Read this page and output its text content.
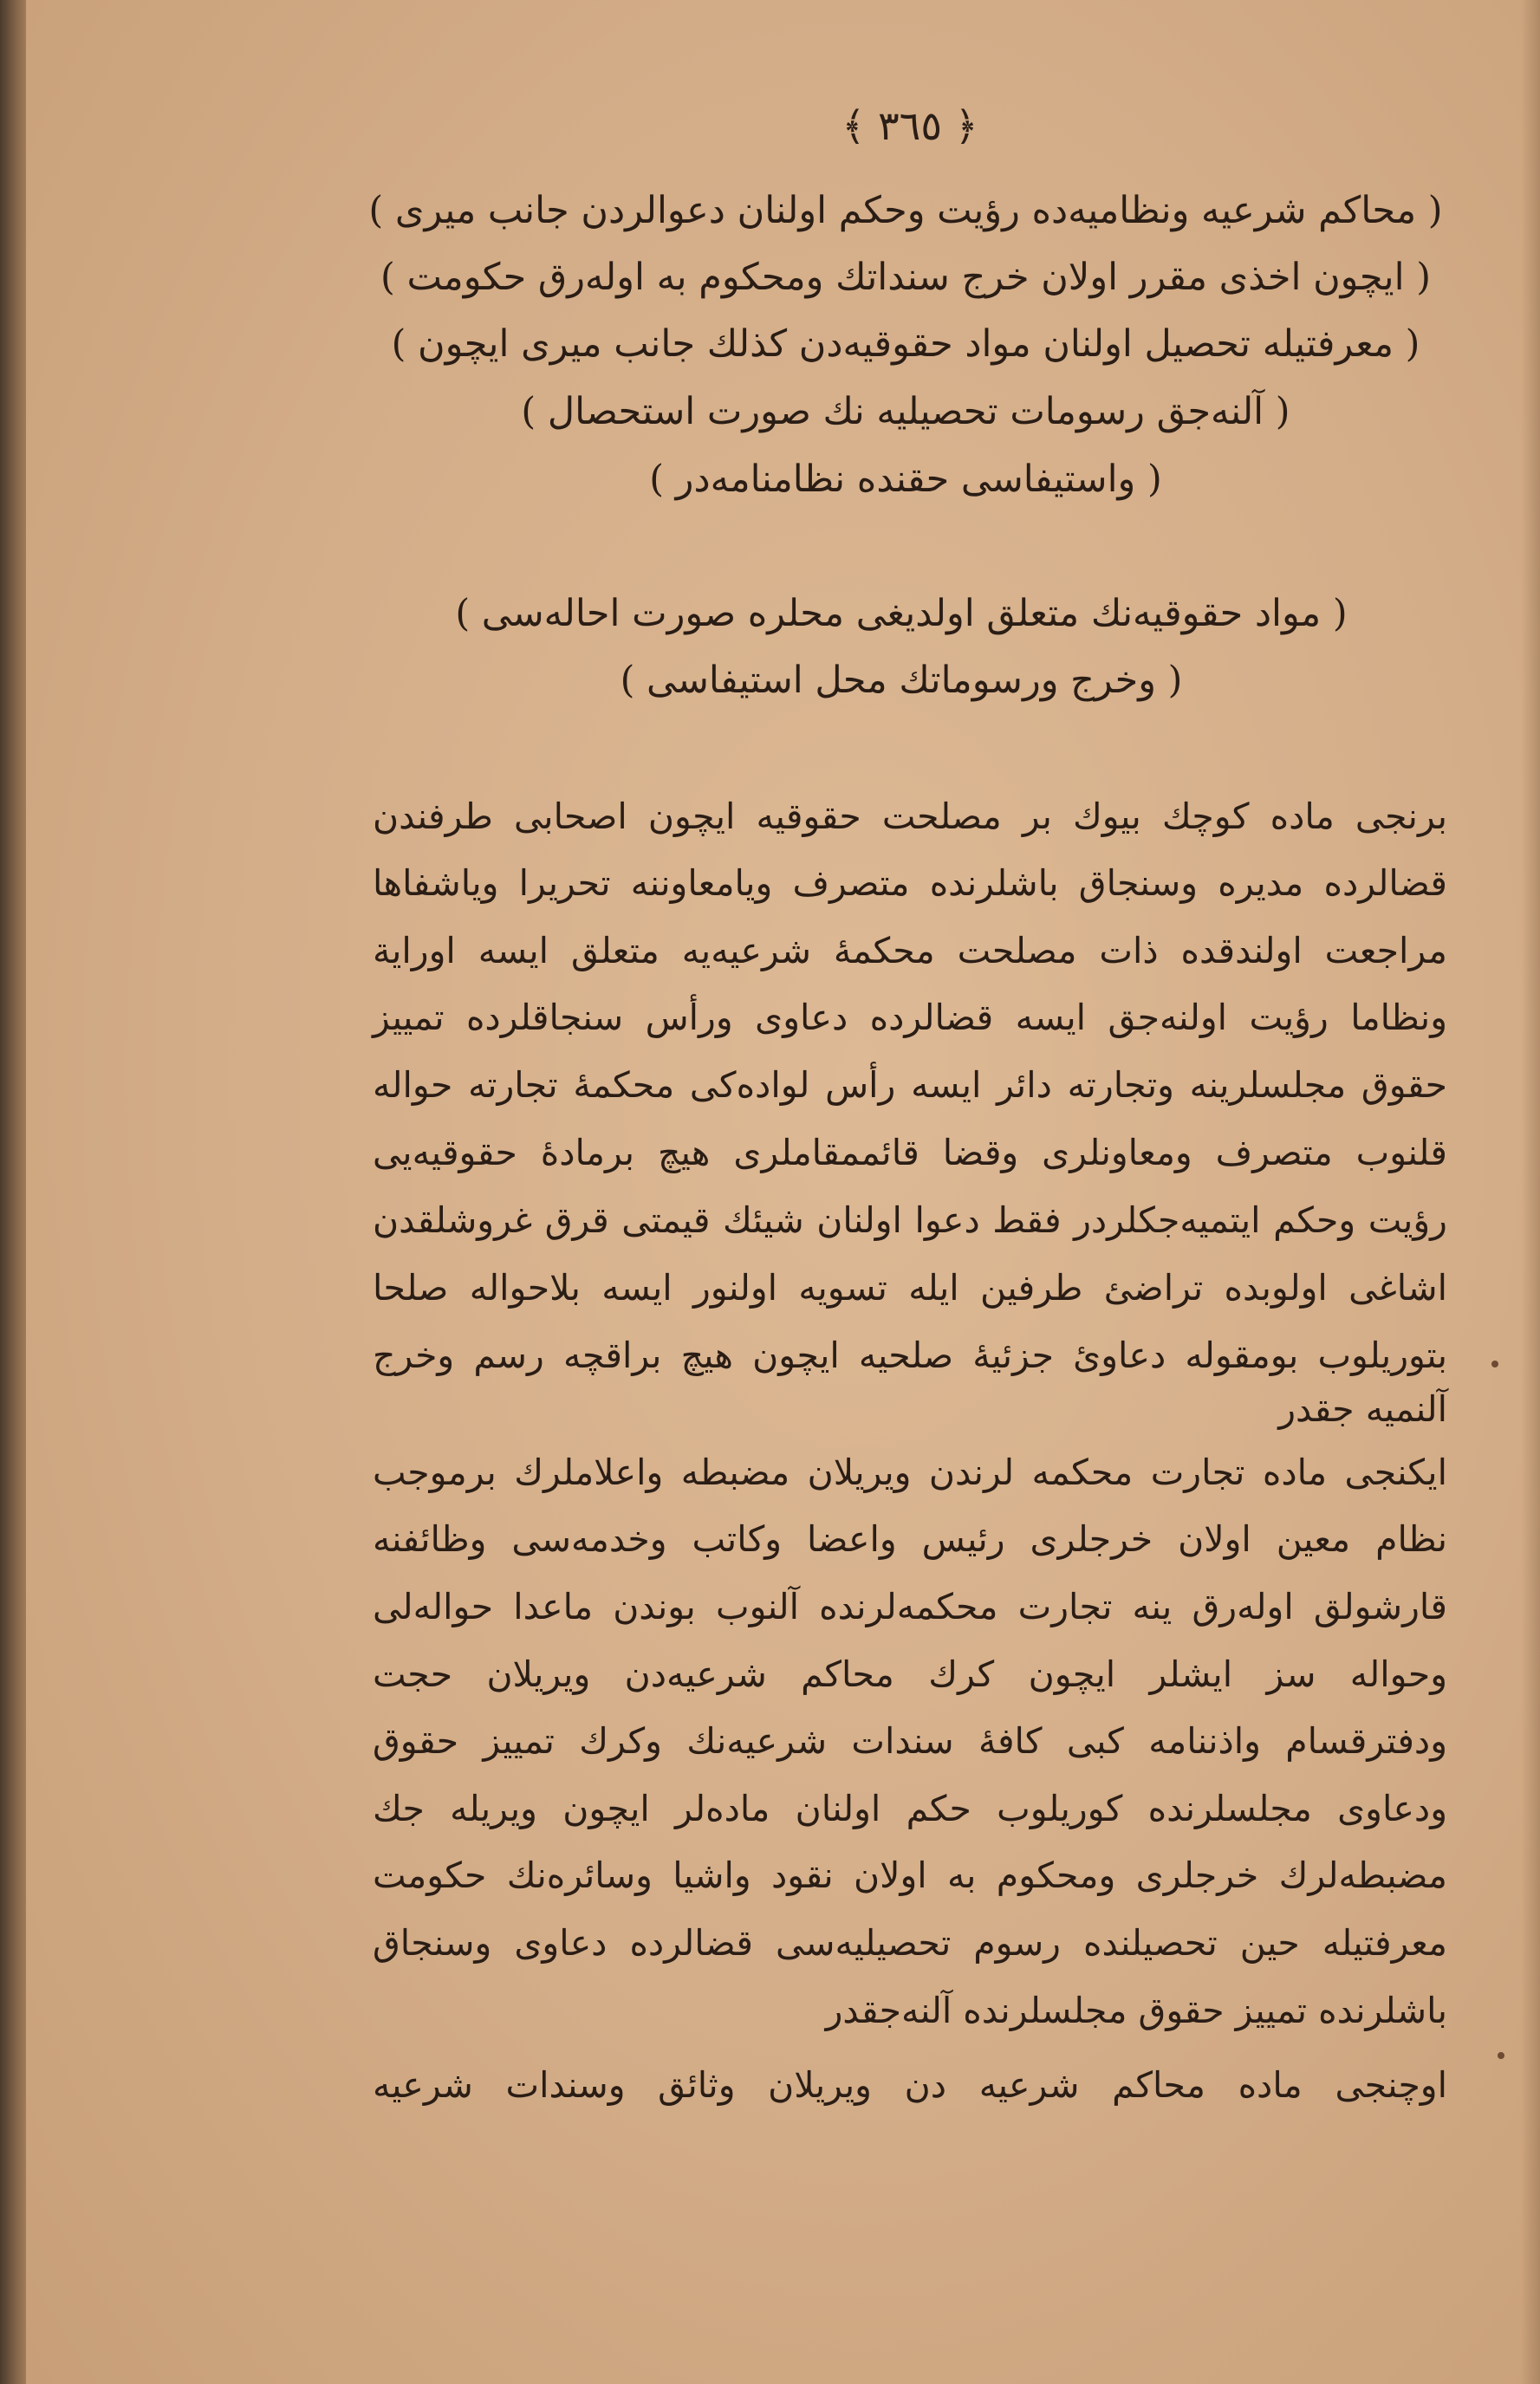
﴿ ٣٦٥ ﴾
( محاكم شرعيه ونظاميه‌ده رؤيت وحكم اولنان دعوالردن جانب ميرى )
( ايچون اخذى مقرر اولان خرج سنداتك ومحكوم به اوله‌رق حكومت )
( معرفتيله تحصيل اولنان مواد حقوقيه‌دن كذلك جانب ميرى ايچون )
( آلنه‌جق رسومات تحصيليه نك صورت استحصال )
( واستيفاسى حقنده نظامنامه‌در )
( مواد حقوقيه‌نك متعلق اولديغى محلره صورت احاله‌سى )
( وخرج ورسوماتك محل استيفاسى )
برنجى ماده كوچك بيوك بر مصلحت حقوقيه ايچون اصحابى طرفندن
قضالرده مديره وسنجاق باشلرنده متصرف ويامعاوننه تحريرا وياشفاها
مراجعت اولندقده ذات مصلحت محكمهٔ شرعيه‌يه متعلق ايسه اوراية
ونظاما رؤيت اولنه‌جق ايسه قضالرده دعاوى ورأس سنجاقلرده تمييز
حقوق مجلسلرينه وتجارته دائر ايسه رأس لواده‌كى محكمهٔ تجارته حواله
قلنوب متصرف ومعاونلرى وقضا قائممقاملرى هيچ برمادهٔ حقوقيه‌يى
رؤيت وحكم ايتميه‌جكلردر فقط دعوا اولنان شيئك قيمتى قرق غروشلقدن
اشاغى اولوبده تراضئ طرفين ايله تسويه اولنور ايسه بلاحواله صلحا
بتوريلوب بومقوله دعاوئ جزئيهٔ صلحيه ايچون هيچ براقچه رسم وخرج
آلنميه جقدر
ايكنجى ماده تجارت محكمه لرندن ويريلان مضبطه واعلاملرك برموجب
نظام معين اولان خرجلرى رئيس واعضا وكاتب وخدمه‌سى وظائفنه
قارشولق اوله‌رق ينه تجارت محكمه‌لرنده آلنوب بوندن ماعدا حواله‌لى
وحواله سز ايشلر ايچون كرك محاكم شرعيه‌دن ويريلان حجت
ودفترقسام واذننامه كبى كافهٔ سندات شرعيه‌نك وكرك تمييز حقوق
ودعاوى مجلسلرنده كوريلوب حكم اولنان ماده‌لر ايچون ويريله جك
مضبطه‌لرك خرجلرى ومحكوم به اولان نقود واشيا وسائره‌نك حكومت
معرفتيله حين تحصيلنده رسوم تحصيليه‌سى قضالرده دعاوى وسنجاق
باشلرنده تمييز حقوق مجلسلرنده آلنه‌جقدر
اوچنجى ماده محاكم شرعيه دن ويريلان وثائق وسندات شرعيه
